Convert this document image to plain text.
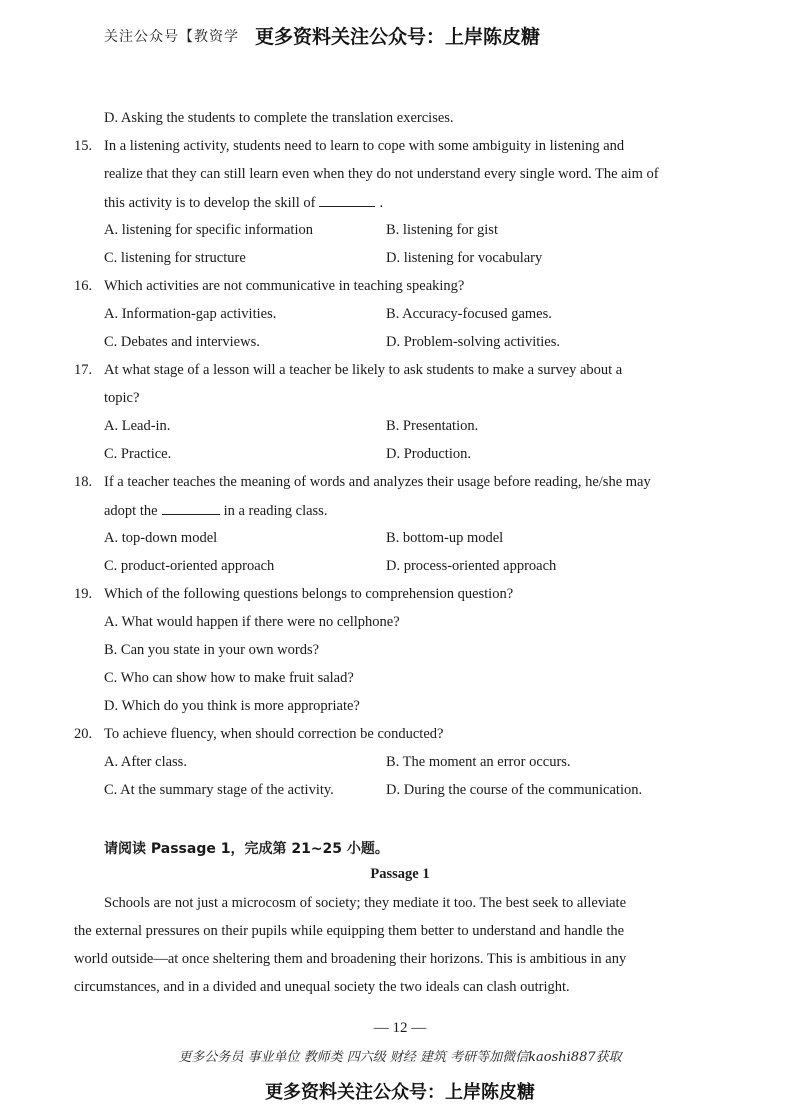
关注公众号【教资学 更多资料关注公众号：上岸陈皮糖
D. Asking the students to complete the translation exercises.
15. In a listening activity, students need to learn to cope with some ambiguity in listening and
realize that they can still learn even when they do not understand every single word. The aim of
this activity is to develop the skill of	.
A. listening for specific information	B. listening for gist
C. listening for structure	D. listening for vocabulary
16. Which activities are not communicative in teaching speaking?
A. Information-gap activities.	B. Accuracy-focused games.
C. Debates and interviews.	D. Problem-solving activities.
17. At what stage of a lesson will a teacher be likely to ask students to make a survey about a
topic?
A. Lead-in.	B. Presentation.
C. Practice.	D. Production.
18. If a teacher teaches the meaning of words and analyzes their usage before reading, he/she may
adopt the	in a reading class.
A. top-down model	B. bottom-up model
C. product-oriented approach	D. process-oriented approach
19. Which of the following questions belongs to comprehension question?
A. What would happen if there were no cellphone?
B. Can you state in your own words?
C. Who can show how to make fruit salad?
D. Which do you think is more appropriate?
20. To achieve fluency, when should correction be conducted?
A. After class.	B. The moment an error occurs.
C. At the summary stage of the activity.	D. During the course of the communication.
请阅读 Passage 1，完成第 21~25 小题。
Passage 1
Schools are not just a microcosm of society; they mediate it too. The best seek to alleviate
the external pressures on their pupils while equipping them better to understand and handle the
world outside—at once sheltering them and broadening their horizons. This is ambitious in any
circumstances, and in a divided and unequal society the two ideals can clash outright.
— 12 —
更多公务员 事业单位 教师类 四六级 财经 建筑 考研等加微信kaoshi887获取
更多资料关注公众号：上岸陈皮糖
